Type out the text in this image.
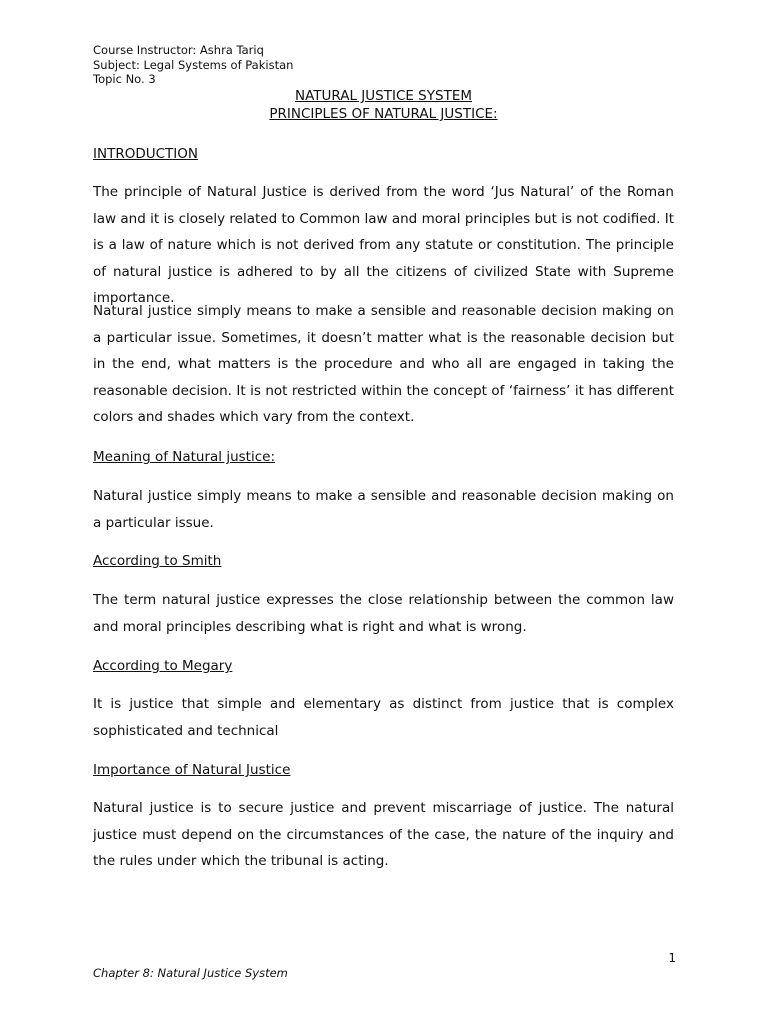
Course Instructor: Ashra Tariq
Subject: Legal Systems of Pakistan
Topic No. 3
NATURAL JUSTICE SYSTEM
PRINCIPLES OF NATURAL JUSTICE:
INTRODUCTION
The principle of Natural Justice is derived from the word ‘Jus Natural’ of the Roman law and it is closely related to Common law and moral principles but is not codified. It is a law of nature which is not derived from any statute or constitution. The principle of natural justice is adhered to by all the citizens of civilized State with Supreme importance.
Natural justice simply means to make a sensible and reasonable decision making on a particular issue. Sometimes, it doesn’t matter what is the reasonable decision but in the end, what matters is the procedure and who all are engaged in taking the reasonable decision. It is not restricted within the concept of ‘fairness’ it has different colors and shades which vary from the context.
Meaning of Natural justice:
Natural justice simply means to make a sensible and reasonable decision making on a particular issue.
According to Smith
The term natural justice expresses the close relationship between the common law and moral principles describing what is right and what is wrong.
According to Megary
It is justice that simple and elementary as distinct from justice that is complex sophisticated and technical
Importance of Natural Justice
Natural justice is to secure justice and prevent miscarriage of justice. The natural justice must depend on the circumstances of the case, the nature of the inquiry and the rules under which the tribunal is acting.
1
Chapter 8: Natural Justice System
